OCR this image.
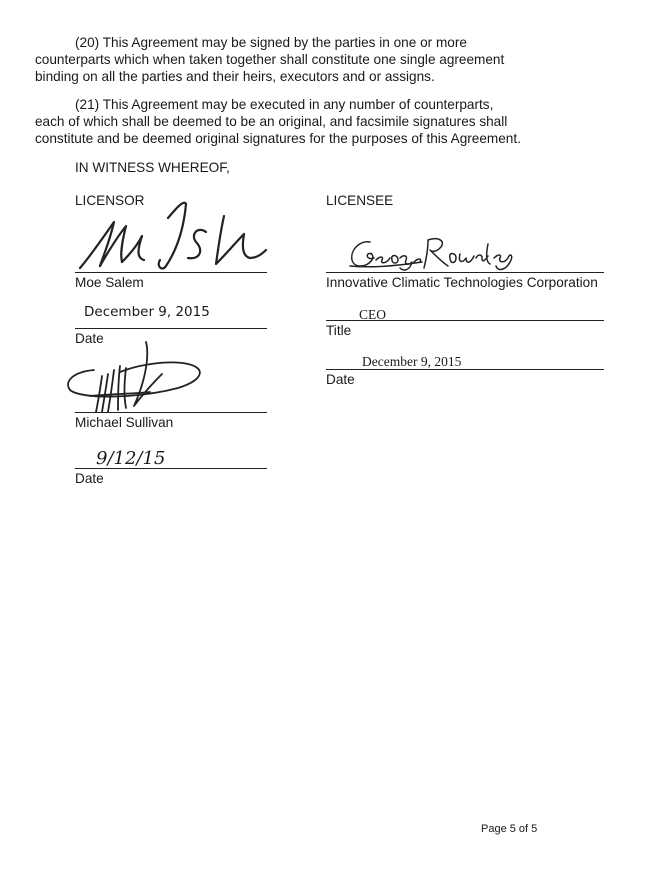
(20) This Agreement may be signed by the parties in one or more
counterparts which when taken together shall constitute one single agreement
binding on all the parties and their heirs, executors and or assigns.
(21) This Agreement may be executed in any number of counterparts,
each of which shall be deemed to be an original, and facsimile signatures shall
constitute and be deemed original signatures for the purposes of this Agreement.
IN WITNESS WHEREOF,
LICENSOR
Moe Salem
December 9, 2015
Date
Michael Sullivan
9/12/15
Date
LICENSEE
Innovative Climatic Technologies Corporation
CEO
Title
December 9, 2015
Date
Page 5 of 5
